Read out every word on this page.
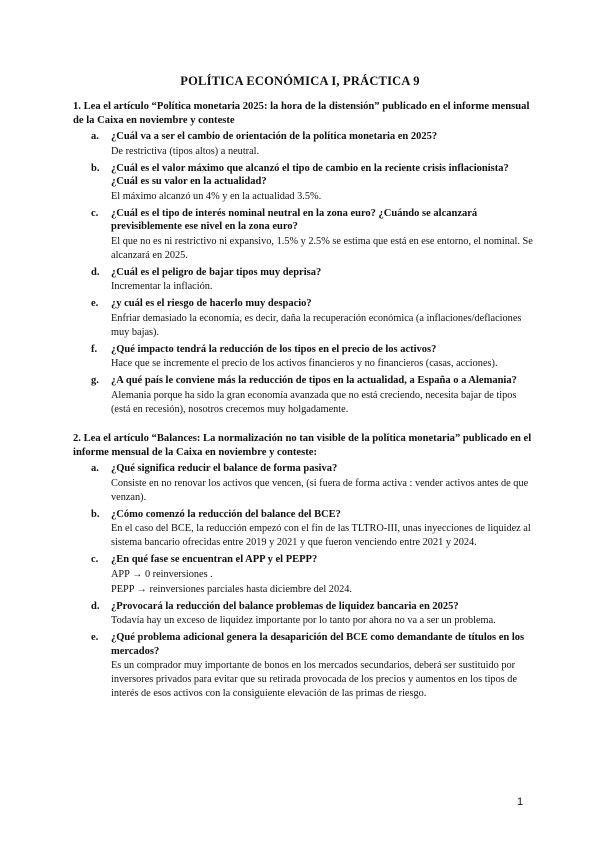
POLÍTICA ECONÓMICA I, PRÁCTICA 9
1. Lea el artículo “Política monetaria 2025: la hora de la distensión” publicado en el informe mensual de la Caixa en noviembre y conteste
a. ¿Cuál va a ser el cambio de orientación de la política monetaria en 2025?
De restrictiva (tipos altos) a neutral.
b. ¿Cuál es el valor máximo que alcanzó el tipo de cambio en la reciente crisis inflacionista? ¿Cuál es su valor en la actualidad?
El máximo alcanzó un 4% y en la actualidad 3.5%.
c. ¿Cuál es el tipo de interés nominal neutral en la zona euro? ¿Cuándo se alcanzará previsiblemente ese nivel en la zona euro?
El que no es ni restrictivo ni expansivo, 1.5% y 2.5% se estima que está en ese entorno, el nominal. Se alcanzará en 2025.
d. ¿Cuál es el peligro de bajar tipos muy deprisa?
Incrementar la inflación.
e. ¿y cuál es el riesgo de hacerlo muy despacio?
Enfriar demasiado la economía, es decir, daña la recuperación económica (a inflaciones/deflaciones muy bajas).
f. ¿Qué impacto tendrá la reducción de los tipos en el precio de los activos?
Hace que se incremente el precio de los activos financieros y no financieros (casas, acciones).
g. ¿A qué país le conviene más la reducción de tipos en la actualidad, a España o a Alemania?
Alemania porque ha sido la gran economía avanzada que no está creciendo, necesita bajar de tipos (está en recesión), nosotros crecemos muy holgadamente.
2. Lea el artículo “Balances: La normalización no tan visible de la política monetaria” publicado en el informe mensual de la Caixa en noviembre y conteste:
a. ¿Qué significa reducir el balance de forma pasiva?
Consiste en no renovar los activos que vencen, (si fuera de forma activa : vender activos antes de que venzan).
b. ¿Cómo comenzó la reducción del balance del BCE?
En el caso del BCE, la reducción empezó con el fin de las TLTRO-III, unas inyecciones de liquidez al sistema bancario ofrecidas entre 2019 y 2021 y que fueron venciendo entre 2021 y 2024.
c. ¿En qué fase se encuentran el APP y el PEPP?
APP → 0 reinversiones .
PEPP → reinversiones parciales hasta diciembre del 2024.
d. ¿Provocará la reducción del balance problemas de liquidez bancaria en 2025?
Todavía hay un exceso de liquidez importante por lo tanto por ahora no va a ser un problema.
e. ¿Qué problema adicional genera la desaparición del BCE como demandante de títulos en los mercados?
Es un comprador muy importante de bonos en los mercados secundarios, deberá ser sustituido por inversores privados para evitar que su retirada provocada de los precios y aumentos en los tipos de interés de esos activos con la consiguiente elevación de las primas de riesgo.
1
